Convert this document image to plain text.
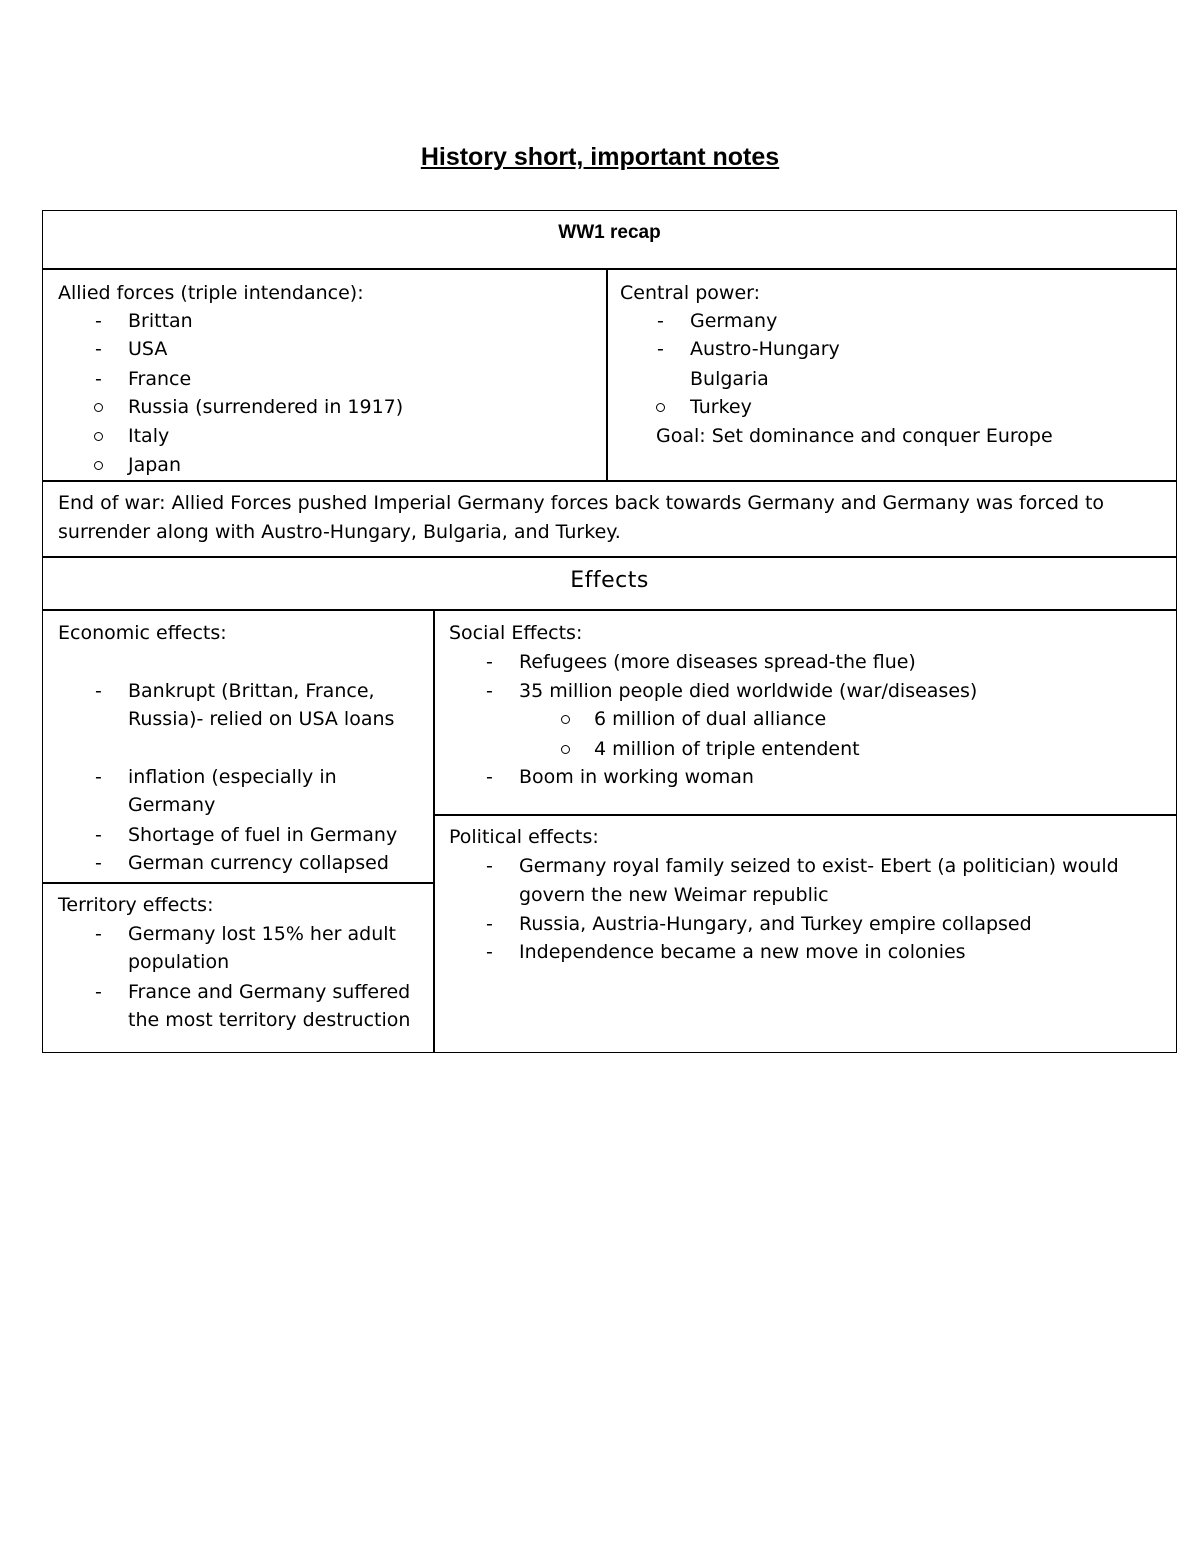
History short, important notes
WW1 recap
Allied forces (triple intendance):
- Brittan
- USA
- France
Russia (surrendered in 1917)
Italy
Japan
Central power:
- Germany
- Austro-Hungary
Bulgaria
Turkey
Goal: Set dominance and conquer Europe
End of war: Allied Forces pushed Imperial Germany forces back towards Germany and Germany was forced to
surrender along with Austro-Hungary, Bulgaria, and Turkey.
Effects
Economic effects:
- Bankrupt (Brittan, France,
Russia)- relied on USA loans
- inflation (especially in
Germany
- Shortage of fuel in Germany
- German currency collapsed
Territory effects:
- Germany lost 15% her adult
population
- France and Germany suffered
the most territory destruction
Social Effects:
- Refugees (more diseases spread-the flue)
- 35 million people died worldwide (war/diseases)
6 million of dual alliance
4 million of triple entendent
- Boom in working woman
Political effects:
- Germany royal family seized to exist- Ebert (a politician) would
govern the new Weimar republic
- Russia, Austria-Hungary, and Turkey empire collapsed
- Independence became a new move in colonies
